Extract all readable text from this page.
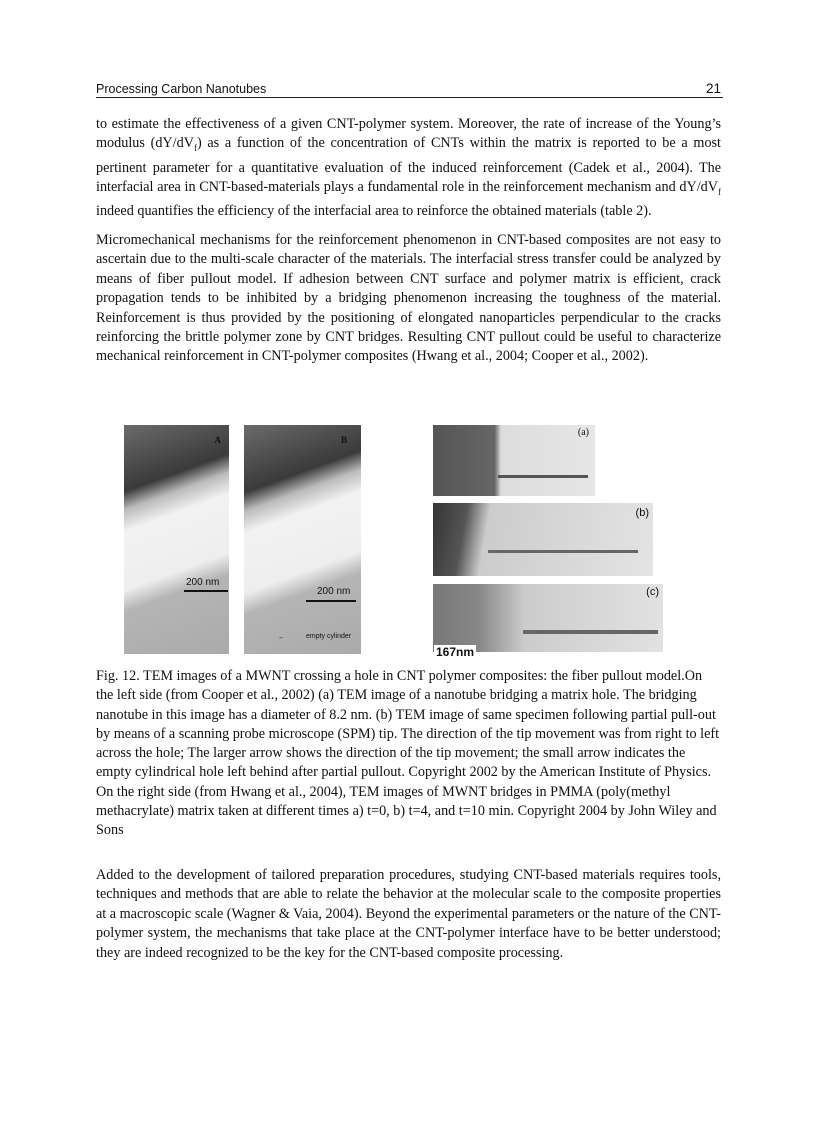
Processing Carbon Nanotubes	21

to estimate the effectiveness of a given CNT-polymer system. Moreover, the rate of increase of the Young’s modulus $(dY/dV_f)$ as a function of the concentration of CNTs within the matrix is reported to be a most pertinent parameter for a quantitative evaluation of the induced reinforcement (Cadek et al., 2004). The interfacial area in CNT-based-materials plays a fundamental role in the reinforcement mechanism and $dY/dV_f$ indeed quantifies the efficiency of the interfacial area to reinforce the obtained materials (table 2).

Micromechanical mechanisms for the reinforcement phenomenon in CNT-based composites are not easy to ascertain due to the multi-scale character of the materials. The interfacial stress transfer could be analyzed by means of fiber pullout model. If adhesion between CNT surface and polymer matrix is efficient, crack propagation tends to be inhibited by a bridging phenomenon increasing the toughness of the material. Reinforcement is thus provided by the positioning of elongated nanoparticles perpendicular to the cracks reinforcing the brittle polymer zone by CNT bridges. Resulting CNT pullout could be useful to characterize mechanical reinforcement in CNT-polymer composites (Hwang et al., 2004; Cooper et al., 2002).

A
200 nm
B
200 nm
←	empty cylinder
(a)
(b)
(c)
167nm

Fig. 12. TEM images of a MWNT crossing a hole in CNT polymer composites: the fiber pullout model.On the left side (from Cooper et al., 2002) (a) TEM image of a nanotube bridging a matrix hole. The bridging nanotube in this image has a diameter of 8.2 nm. (b) TEM image of same specimen following partial pull-out by means of a scanning probe microscope (SPM) tip. The direction of the tip movement was from right to left across the hole; The larger arrow shows the direction of the tip movement; the small arrow indicates the empty cylindrical hole left behind after partial pullout. Copyright 2002 by the American Institute of Physics. On the right side (from Hwang et al., 2004), TEM images of MWNT bridges in PMMA (poly(methyl methacrylate) matrix taken at different times a) t=0, b) t=4, and t=10 min. Copyright 2004 by John Wiley and Sons

Added to the development of tailored preparation procedures, studying CNT-based materials requires tools, techniques and methods that are able to relate the behavior at the molecular scale to the composite properties at a macroscopic scale (Wagner & Vaia, 2004). Beyond the experimental parameters or the nature of the CNT-polymer system, the mechanisms that take place at the CNT-polymer interface have to be better understood; they are indeed recognized to be the key for the CNT-based composite processing.
